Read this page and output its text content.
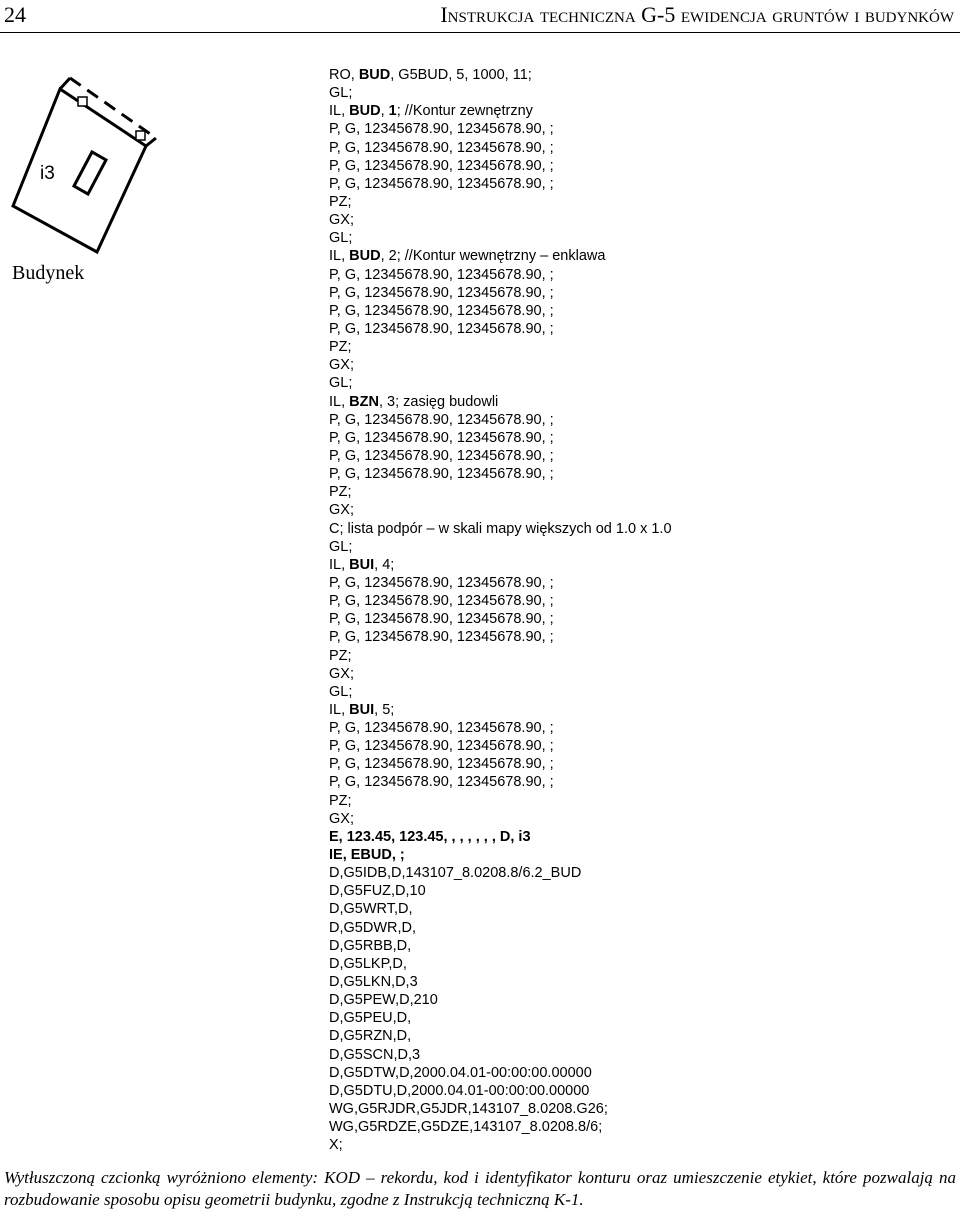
24	Instrukcja techniczna G-5 ewidencja gruntów i budynków
i3
Budynek
RO, BUD, G5BUD, 5, 1000, 11;
GL;
IL, BUD, 1; //Kontur zewnętrzny
P, G, 12345678.90, 12345678.90, ;
P, G, 12345678.90, 12345678.90, ;
P, G, 12345678.90, 12345678.90, ;
P, G, 12345678.90, 12345678.90, ;
PZ;
GX;
GL;
IL, BUD, 2; //Kontur wewnętrzny – enklawa
P, G, 12345678.90, 12345678.90, ;
P, G, 12345678.90, 12345678.90, ;
P, G, 12345678.90, 12345678.90, ;
P, G, 12345678.90, 12345678.90, ;
PZ;
GX;
GL;
IL, BZN, 3; zasięg budowli
P, G, 12345678.90, 12345678.90, ;
P, G, 12345678.90, 12345678.90, ;
P, G, 12345678.90, 12345678.90, ;
P, G, 12345678.90, 12345678.90, ;
PZ;
GX;
C; lista podpór – w skali mapy większych od 1.0 x 1.0
GL;
IL, BUI, 4;
P, G, 12345678.90, 12345678.90, ;
P, G, 12345678.90, 12345678.90, ;
P, G, 12345678.90, 12345678.90, ;
P, G, 12345678.90, 12345678.90, ;
PZ;
GX;
GL;
IL, BUI, 5;
P, G, 12345678.90, 12345678.90, ;
P, G, 12345678.90, 12345678.90, ;
P, G, 12345678.90, 12345678.90, ;
P, G, 12345678.90, 12345678.90, ;
PZ;
GX;
E, 123.45, 123.45, , , , , , , D, i3
IE, EBUD, ;
D,G5IDB,D,143107_8.0208.8/6.2_BUD
D,G5FUZ,D,10
D,G5WRT,D,
D,G5DWR,D,
D,G5RBB,D,
D,G5LKP,D,
D,G5LKN,D,3
D,G5PEW,D,210
D,G5PEU,D,
D,G5RZN,D,
D,G5SCN,D,3
D,G5DTW,D,2000.04.01-00:00:00.00000
D,G5DTU,D,2000.04.01-00:00:00.00000
WG,G5RJDR,G5JDR,143107_8.0208.G26;
WG,G5RDZE,G5DZE,143107_8.0208.8/6;
X;
Wytłuszczoną czcionką wyróżniono elementy: KOD – rekordu, kod i identyfikator konturu oraz umieszczenie etykiet, które pozwalają na rozbudowanie sposobu opisu geometrii budynku, zgodne z Instrukcją techniczną K-1.
